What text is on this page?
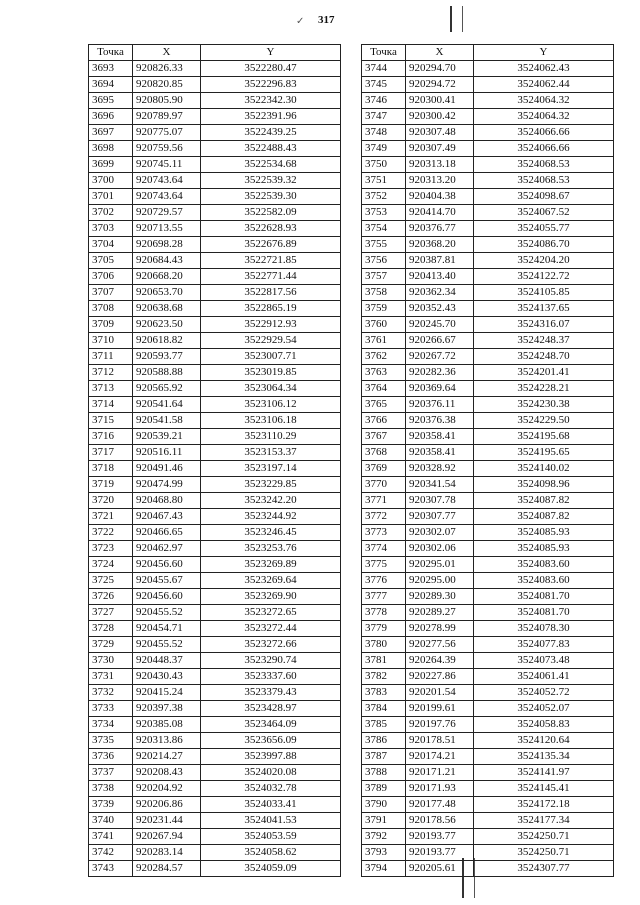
✓ 317
Точка	X	Y
3693	920826.33	3522280.47
3694	920820.85	3522296.83
3695	920805.90	3522342.30
3696	920789.97	3522391.96
3697	920775.07	3522439.25
3698	920759.56	3522488.43
3699	920745.11	3522534.68
3700	920743.64	3522539.32
3701	920743.64	3522539.30
3702	920729.57	3522582.09
3703	920713.55	3522628.93
3704	920698.28	3522676.89
3705	920684.43	3522721.85
3706	920668.20	3522771.44
3707	920653.70	3522817.56
3708	920638.68	3522865.19
3709	920623.50	3522912.93
3710	920618.82	3522929.54
3711	920593.77	3523007.71
3712	920588.88	3523019.85
3713	920565.92	3523064.34
3714	920541.64	3523106.12
3715	920541.58	3523106.18
3716	920539.21	3523110.29
3717	920516.11	3523153.37
3718	920491.46	3523197.14
3719	920474.99	3523229.85
3720	920468.80	3523242.20
3721	920467.43	3523244.92
3722	920466.65	3523246.45
3723	920462.97	3523253.76
3724	920456.60	3523269.89
3725	920455.67	3523269.64
3726	920456.60	3523269.90
3727	920455.52	3523272.65
3728	920454.71	3523272.44
3729	920455.52	3523272.66
3730	920448.37	3523290.74
3731	920430.43	3523337.60
3732	920415.24	3523379.43
3733	920397.38	3523428.97
3734	920385.08	3523464.09
3735	920313.86	3523656.09
3736	920214.27	3523997.88
3737	920208.43	3524020.08
3738	920204.92	3524032.78
3739	920206.86	3524033.41
3740	920231.44	3524041.53
3741	920267.94	3524053.59
3742	920283.14	3524058.62
3743	920284.57	3524059.09
Точка	X	Y
3744	920294.70	3524062.43
3745	920294.72	3524062.44
3746	920300.41	3524064.32
3747	920300.42	3524064.32
3748	920307.48	3524066.66
3749	920307.49	3524066.66
3750	920313.18	3524068.53
3751	920313.20	3524068.53
3752	920404.38	3524098.67
3753	920414.70	3524067.52
3754	920376.77	3524055.77
3755	920368.20	3524086.70
3756	920387.81	3524204.20
3757	920413.40	3524122.72
3758	920362.34	3524105.85
3759	920352.43	3524137.65
3760	920245.70	3524316.07
3761	920266.67	3524248.37
3762	920267.72	3524248.70
3763	920282.36	3524201.41
3764	920369.64	3524228.21
3765	920376.11	3524230.38
3766	920376.38	3524229.50
3767	920358.41	3524195.68
3768	920358.41	3524195.65
3769	920328.92	3524140.02
3770	920341.54	3524098.96
3771	920307.78	3524087.82
3772	920307.77	3524087.82
3773	920302.07	3524085.93
3774	920302.06	3524085.93
3775	920295.01	3524083.60
3776	920295.00	3524083.60
3777	920289.30	3524081.70
3778	920289.27	3524081.70
3779	920278.99	3524078.30
3780	920277.56	3524077.83
3781	920264.39	3524073.48
3782	920227.86	3524061.41
3783	920201.54	3524052.72
3784	920199.61	3524052.07
3785	920197.76	3524058.83
3786	920178.51	3524120.64
3787	920174.21	3524135.34
3788	920171.21	3524141.97
3789	920171.93	3524145.41
3790	920177.48	3524172.18
3791	920178.56	3524177.34
3792	920193.77	3524250.71
3793	920193.77	3524250.71
3794	920205.61	3524307.77
